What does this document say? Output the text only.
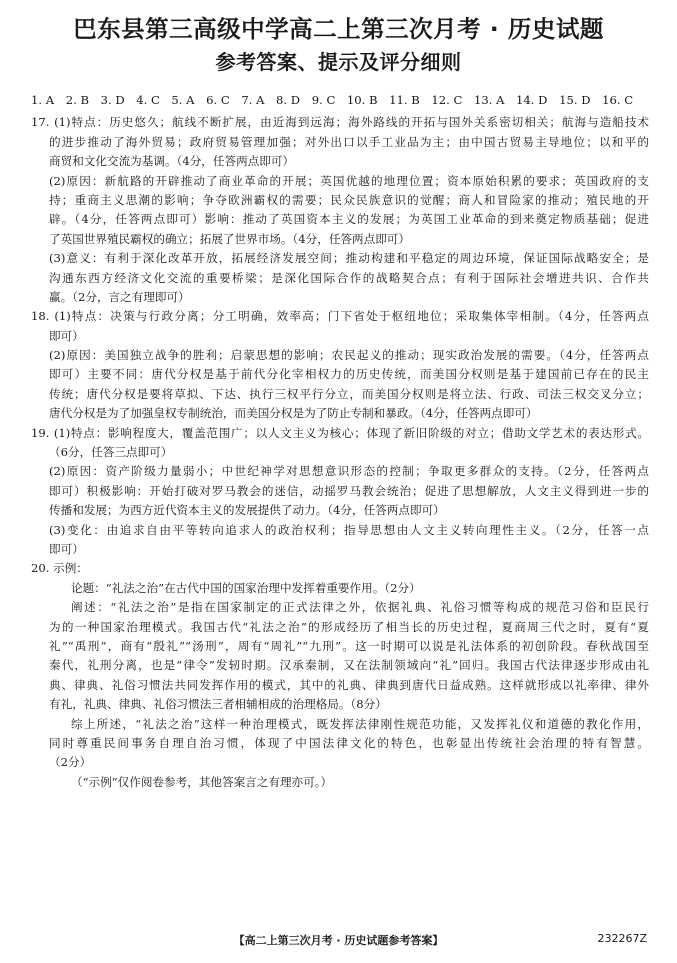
巴东县第三高级中学高二上第三次月考 · 历史试题
参考答案、提示及评分细则
1. A　2. B　3. D　4. C　5. A　6. C　7. A　8. D　9. C　10. B　11. B　12. C　13. A　14. D　15. D　16. C
17. (1)特点：历史悠久；航线不断扩展，由近海到远海；海外路线的开拓与国外关系密切相关；航海与造船技术
的进步推动了海外贸易；政府贸易管理加强；对外出口以手工业品为主；由中国古贸易主导地位；以和平的
商贸和文化交流为基调。（4分，任答两点即可）
(2)原因：新航路的开辟推动了商业革命的开展；英国优越的地理位置；资本原始积累的要求；英国政府的支
持；重商主义思潮的影响；争夺欧洲霸权的需要；民众民族意识的觉醒；商人和冒险家的推动；殖民地的开
辟。（4分，任答两点即可）影响：推动了英国资本主义的发展；为英国工业革命的到来奠定物质基础；促进
了英国世界殖民霸权的确立；拓展了世界市场。（4分，任答两点即可）
(3)意义：有利于深化改革开放，拓展经济发展空间；推动构建和平稳定的周边环境，保证国际战略安全；是
沟通东西方经济文化交流的重要桥梁；是深化国际合作的战略契合点；有利于国际社会增进共识、合作共
赢。（2分，言之有理即可）
18. (1)特点：决策与行政分离；分工明确，效率高；门下省处于枢纽地位；采取集体宰相制。（4分，任答两点
即可）
(2)原因：美国独立战争的胜利；启蒙思想的影响；农民起义的推动；现实政治发展的需要。（4分，任答两点
即可）主要不同：唐代分权是基于前代分化宰相权力的历史传统，而美国分权则是基于建国前已存在的民主
传统；唐代分权是要将草拟、下达、执行三权平行分立，而美国分权则是将立法、行政、司法三权交叉分立；
唐代分权是为了加强皇权专制统治，而美国分权是为了防止专制和暴政。（4分，任答两点即可）
19. (1)特点：影响程度大，覆盖范围广；以人文主义为核心；体现了新旧阶级的对立；借助文学艺术的表达形式。
（6分，任答三点即可）
(2)原因：资产阶级力量弱小；中世纪神学对思想意识形态的控制；争取更多群众的支持。（2分，任答两点
即可）积极影响：开始打破对罗马教会的迷信，动摇罗马教会统治；促进了思想解放，人文主义得到进一步的
传播和发展；为西方近代资本主义的发展提供了动力。（4分，任答两点即可）
(3)变化：由追求自由平等转向追求人的政治权利；指导思想由人文主义转向理性主义。（2分，任答一点
即可）
20. 示例：
论题：“礼法之治”在古代中国的国家治理中发挥着重要作用。（2分）
阐述：“礼法之治”是指在国家制定的正式法律之外，依据礼典、礼俗习惯等构成的规范习俗和臣民行
为的一种国家治理模式。我国古代“礼法之治”的形成经历了相当长的历史过程，夏商周三代之时，夏有“夏
礼”“禹刑”，商有“殷礼”“汤刑”，周有“周礼”“九刑”。这一时期可以说是礼法体系的初创阶段。春秋战国至
秦代，礼刑分离，也是“律令”发轫时期。汉承秦制，又在法制领域向“礼”回归。我国古代法律逐步形成由礼
典、律典、礼俗习惯法共同发挥作用的模式，其中的礼典、律典到唐代日益成熟。这样就形成以礼率律、律外
有礼，礼典、律典、礼俗习惯法三者相辅相成的治理格局。（8分）
综上所述，“礼法之治”这样一种治理模式，既发挥法律刚性规范功能，又发挥礼仪和道德的教化作用，
同时尊重民间事务自理自治习惯，体现了中国法律文化的特色，也彰显出传统社会治理的特有智慧。
（2分）
（“示例”仅作阅卷参考，其他答案言之有理亦可。）
【高二上第三次月考 · 历史试题参考答案】	23226​7Z
